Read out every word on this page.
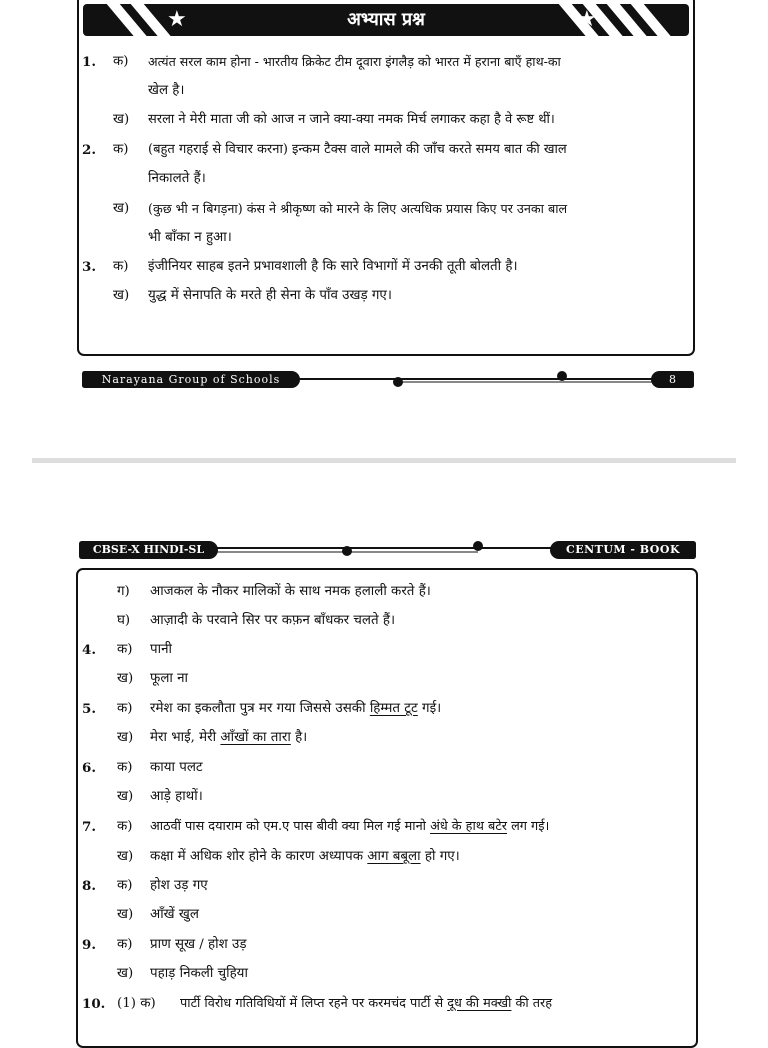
★	अभ्यास प्रश्न	★
1. क) अत्यंत सरल काम होना - भारतीय क्रिकेट टीम दूवारा इंगलैड़ को भारत में हराना बाएँ हाथ-का
खेल है।
ख) सरला ने मेरी माता जी को आज न जाने क्या-क्या नमक मिर्च लगाकर कहा है वे रूष्ट थीं।
2. क) (बहुत गहराई से विचार करना) इन्कम टैक्स वाले मामले की जाँच करते समय बात की खाल
निकालते हैं।
ख) (कुछ भी न बिगड़ना) कंस ने श्रीकृष्ण को मारने के लिए अत्यधिक प्रयास किए पर उनका बाल
भी बाँका न हुआ।
3. क) इंजीनियर साहब इतने प्रभावशाली है कि सारे विभागों में उनकी तूती बोलती है।
ख) युद्ध में सेनापति के मरते ही सेना के पाँव उखड़ गए।
Narayana Group of Schools	8
CBSE-X HINDI-SL	CENTUM - BOOK
ग) आजकल के नौकर मालिकों के साथ नमक हलाली करते हैं।
घ) आज़ादी के परवाने सिर पर कफ़न बाँधकर चलते हैं।
4. क) पानी
ख) फूला ना
5. क) रमेश का इकलौता पुत्र मर गया जिससे उसकी हिम्मत टूट गई।
ख) मेरा भाई, मेरी आँखों का तारा है।
6. क) काया पलट
ख) आड़े हाथों।
7. क) आठवीं पास दयाराम को एम.ए पास बीवी क्या मिल गई मानो अंधे के हाथ बटेर लग गई।
ख) कक्षा में अधिक शोर होने के कारण अध्यापक आग बबूला हो गए।
8. क) होश उड़ गए
ख) आँखें खुल
9. क) प्राण सूख / होश उड़
ख) पहाड़ निकली चुहिया
10. (1) क) पार्टी विरोध गतिविधियों में लिप्त रहने पर करमचंद पार्टी से दूध की मक्खी की तरह
